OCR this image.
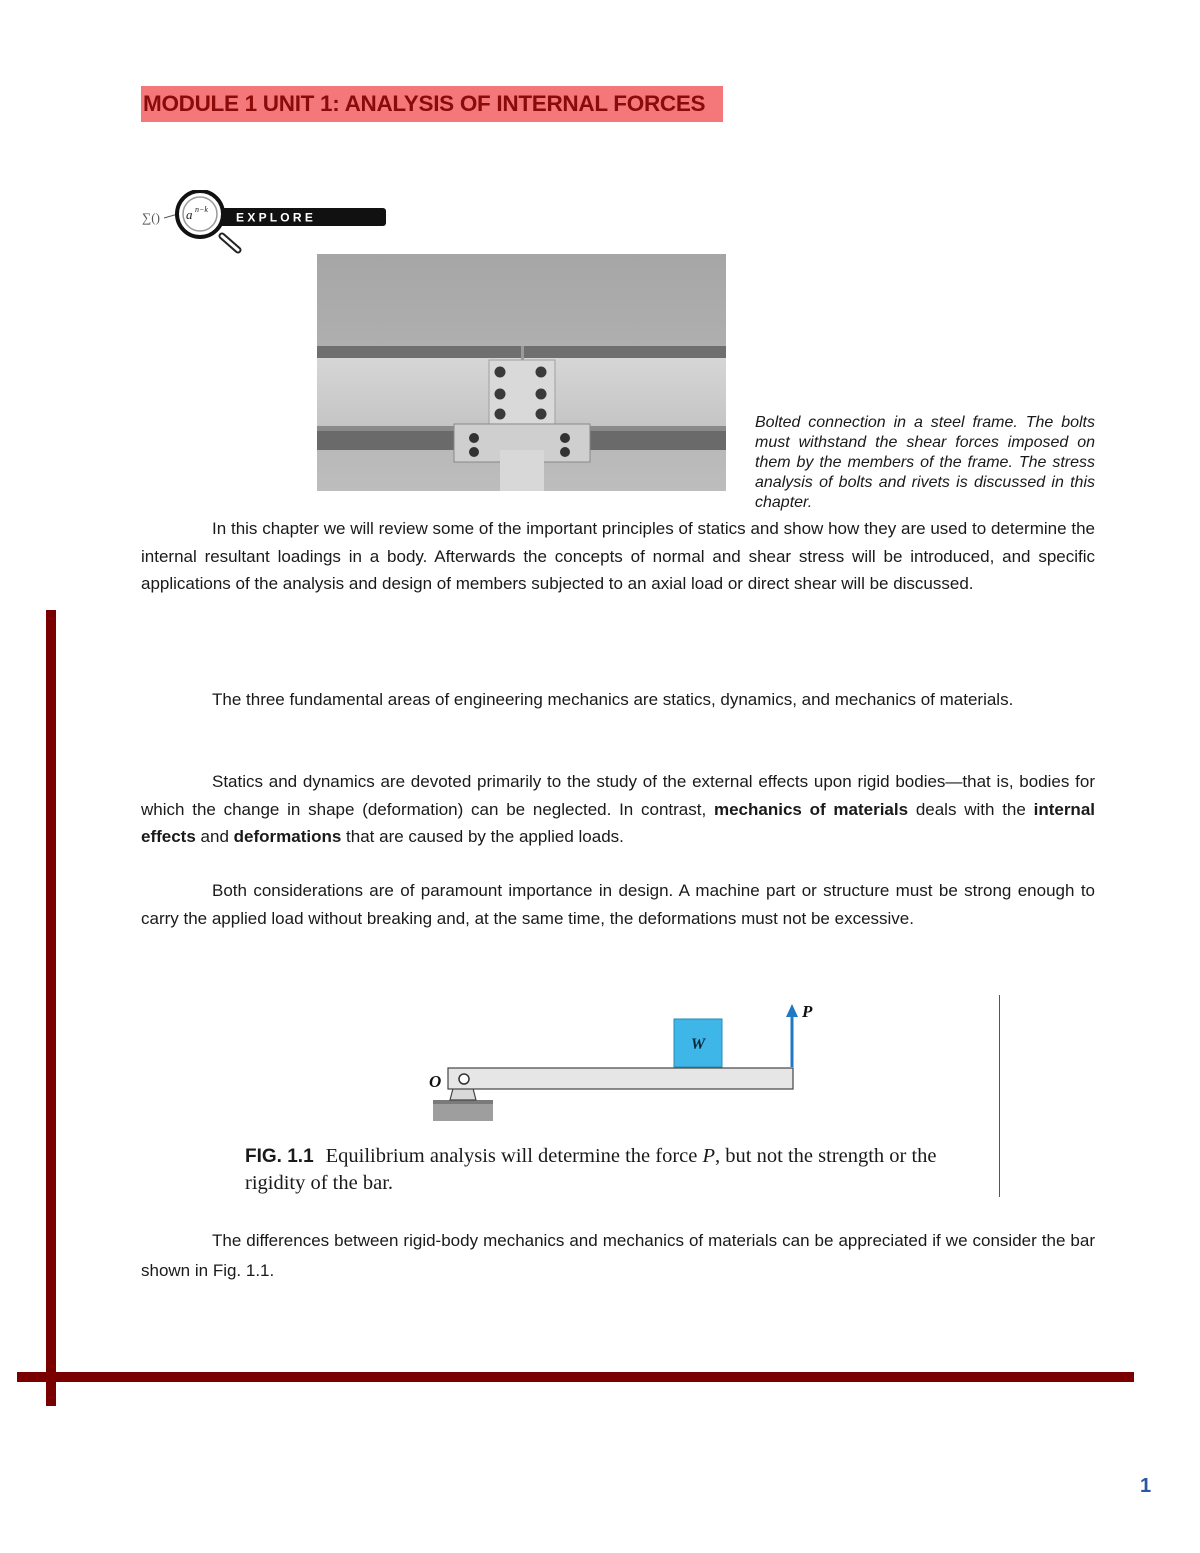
MODULE 1 UNIT 1: ANALYSIS OF INTERNAL FORCES
∑()	E X P L O R E
a n−k
Bolted connection in a steel frame. The bolts must withstand the shear forces imposed on them by the members of the frame. The stress analysis of bolts and rivets is discussed in this chapter.

In this chapter we will review some of the important principles of statics and show how they are used to determine the internal resultant loadings in a body. Afterwards the concepts of normal and shear stress will be introduced, and specific applications of the analysis and design of members subjected to an axial load or direct shear will be discussed.

The three fundamental areas of engineering mechanics are statics, dynamics, and mechanics of materials.

Statics and dynamics are devoted primarily to the study of the external effects upon rigid bodies—that is, bodies for which the change in shape (deformation) can be neglected. In contrast, mechanics of materials deals with the internal effects and deformations that are caused by the applied loads.

Both considerations are of paramount importance in design. A machine part or structure must be strong enough to carry the applied load without breaking and, at the same time, the deformations must not be excessive.

W
P
O
FIG. 1.1 Equilibrium analysis will determine the force P, but not the strength or the rigidity of the bar.

The differences between rigid-body mechanics and mechanics of materials can be appreciated if we consider the bar shown in Fig. 1.1.

1
